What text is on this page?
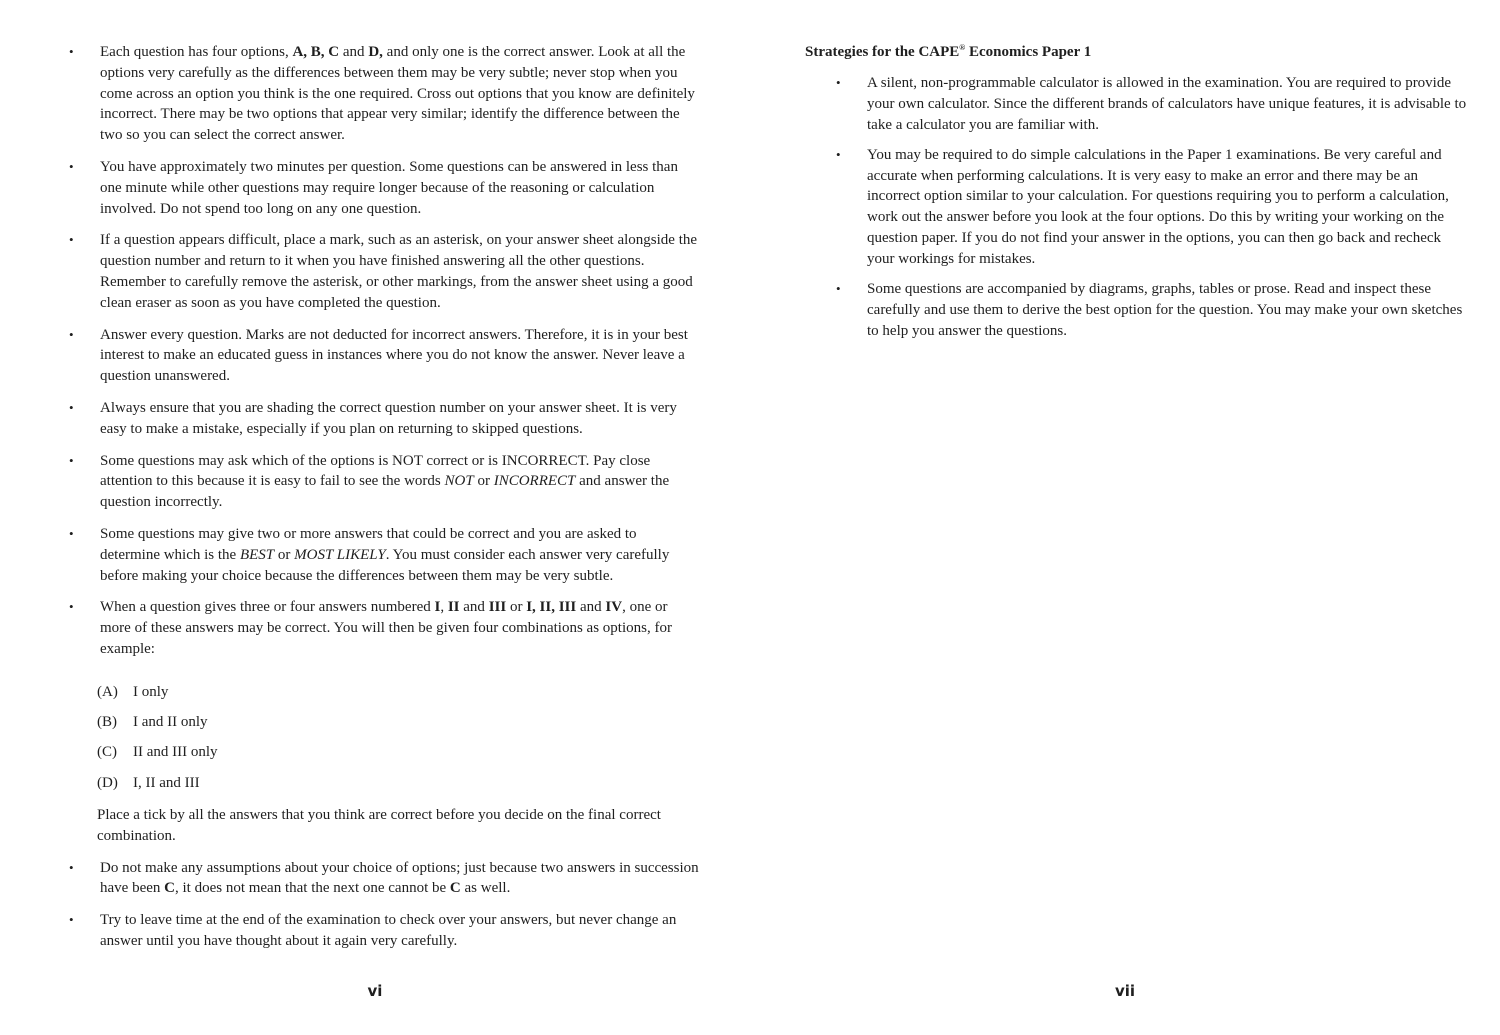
• Each question has four options, A, B, C and D, and only one is the correct answer. Look at all the options very carefully as the differences between them may be very subtle; never stop when you come across an option you think is the one required. Cross out options that you know are definitely incorrect. There may be two options that appear very similar; identify the difference between the two so you can select the correct answer.
• You have approximately two minutes per question. Some questions can be answered in less than one minute while other questions may require longer because of the reasoning or calculation involved. Do not spend too long on any one question.
• If a question appears difficult, place a mark, such as an asterisk, on your answer sheet alongside the question number and return to it when you have finished answering all the other questions. Remember to carefully remove the asterisk, or other markings, from the answer sheet using a good clean eraser as soon as you have completed the question.
• Answer every question. Marks are not deducted for incorrect answers. Therefore, it is in your best interest to make an educated guess in instances where you do not know the answer. Never leave a question unanswered.
• Always ensure that you are shading the correct question number on your answer sheet. It is very easy to make a mistake, especially if you plan on returning to skipped questions.
• Some questions may ask which of the options is NOT correct or is INCORRECT. Pay close attention to this because it is easy to fail to see the words NOT or INCORRECT and answer the question incorrectly.
• Some questions may give two or more answers that could be correct and you are asked to determine which is the BEST or MOST LIKELY. You must consider each answer very carefully before making your choice because the differences between them may be very subtle.
• When a question gives three or four answers numbered I, II and III or I, II, III and IV, one or more of these answers may be correct. You will then be given four combinations as options, for example:
(A) I only
(B) I and II only
(C) II and III only
(D) I, II and III
Place a tick by all the answers that you think are correct before you decide on the final correct combination.
• Do not make any assumptions about your choice of options; just because two answers in succession have been C, it does not mean that the next one cannot be C as well.
• Try to leave time at the end of the examination to check over your answers, but never change an answer until you have thought about it again very carefully.
vi
Strategies for the CAPE® Economics Paper 1
• A silent, non-programmable calculator is allowed in the examination. You are required to provide your own calculator. Since the different brands of calculators have unique features, it is advisable to take a calculator you are familiar with.
• You may be required to do simple calculations in the Paper 1 examinations. Be very careful and accurate when performing calculations. It is very easy to make an error and there may be an incorrect option similar to your calculation. For questions requiring you to perform a calculation, work out the answer before you look at the four options. Do this by writing your working on the question paper. If you do not find your answer in the options, you can then go back and recheck your workings for mistakes.
• Some questions are accompanied by diagrams, graphs, tables or prose. Read and inspect these carefully and use them to derive the best option for the question. You may make your own sketches to help you answer the questions.
vii
